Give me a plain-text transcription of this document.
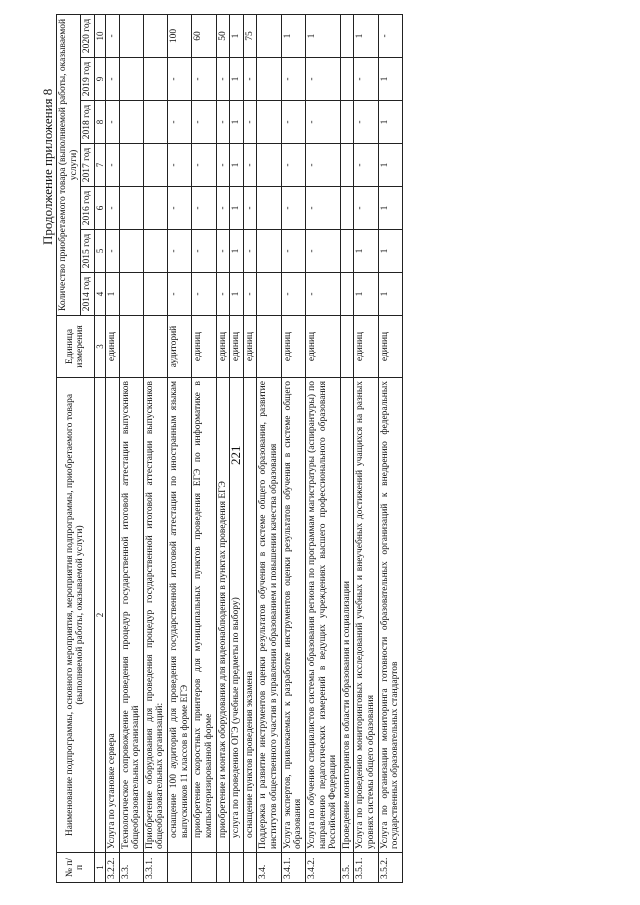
221
Продолжение приложения 8
№ п/п	Наименование подпрограммы, основного мероприятия, мероприятия подпрограммы, приобретаемого товара (выполняемой работы, оказываемой услуги)	Единица измерения	Количество приобретаемого товара (выполняемой работы, оказываемой услуги)						
			2014 год	2015 год	2016 год	2017 год	2018 год	2019 год	2020 год
1	2	3	4	5	6	7	8	9	10
3.2.2.	Услуга по установке сервера	единиц	1	-	-	-	-	-	-
3.3.	Технологическое сопровождение проведения процедур государственной итоговой аттестации выпускников общеобразовательных организаций								
3.3.1.	Приобретение оборудования для проведения процедур государственной итоговой аттестации выпускников общеобразовательных организаций:								
	оснащение 100 аудиторий для проведения государственной итоговой аттестации по иностранным языкам выпускников 11 классов в форме ЕГЭ	аудиторий	-	-	-	-	-	-	100
	приобретение скоростных принтеров для муниципальных пунктов проведения ЕГЭ по информатике в компьютеризированной форме	единиц	-	-	-	-	-	-	60
	приобретение и монтаж оборудования для видеонаблюдения в пунктах проведения ЕГЭ	единиц	-	-	-	-	-	-	50
	услуга по проведению ОГЭ (учебные предметы по выбору)	единиц	1	1	1	1	1	1	1
	оснащение пунктов проведения экзамена	единиц	-	-	-	-	-	-	75
3.4.	Поддержка и развитие инструментов оценки результатов обучения в системе общего образования, развитие институтов общественного участия в управлении образованием и повышении качества образования								
3.4.1.	Услуга экспертов, привлекаемых к разработке инструментов оценки результатов обучения в системе общего образования	единиц	-	-	-	-	-	-	1
3.4.2.	Услуга по обучению специалистов системы образования региона по программам магистратуры (аспирантуры) по направлению педагогических измерений в ведущих учреждениях высшего профессионального образования Российской Федерации	единиц	-	-	-	-	-	-	1
3.5.	Проведение мониторингов в области образования и социализации								
3.5.1.	Услуга по проведению мониторинговых исследований учебных и внеучебных достижений учащихся на разных уровнях системы общего образования	единиц	1	1	-	-	-	-	1
3.5.2.	Услуга по организации мониторинга готовности образовательных организаций к внедрению федеральных государственных образовательных стандартов	единиц	1	1	1	1	1	1	-
